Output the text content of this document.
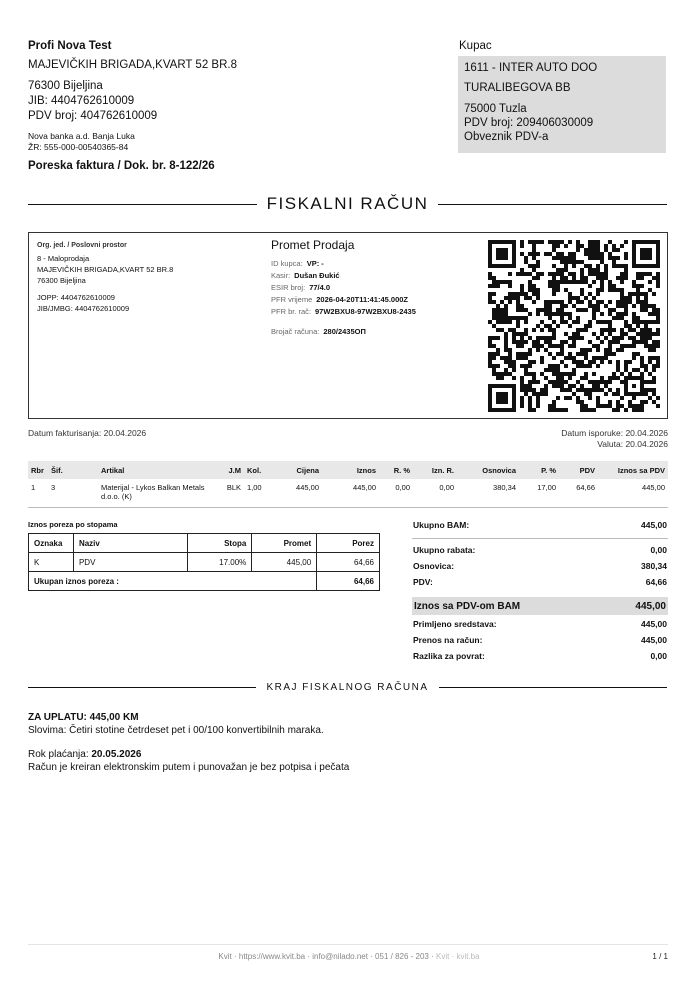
Profi Nova Test
MAJEVIČKIH BRIGADA,KVART 52 BR.8
76300 Bijeljina
JIB: 4404762610009
PDV broj: 404762610009
Nova banka a.d. Banja Luka
ŽR: 555-000-00540365-84
Poreska faktura / Dok. br. 8-122/26
Kupac
1611 - INTER AUTO DOO
TURALIBEGOVA BB
75000 Tuzla
PDV broj: 209406030009
Obveznik PDV-a
FISKALNI RAČUN
Org. jed. / Poslovni prostor
8 - Maloprodaja
MAJEVIČKIH BRIGADA,KVART 52 BR.8
76300 Bijeljina
JOPP: 4404762610009
JIB/JMBG: 4404762610009
Promet Prodaja
ID kupca: VP: -
Kasir: Dušan Đukić
ESIR broj: 77/4.0
PFR vrijeme 2026-04-20T11:41:45.000Z
PFR br. rač: 97W2BXU8-97W2BXU8-2435
Brojač računa: 280/2435ОП
Datum fakturisanja: 20.04.2026	Datum isporuke: 20.04.2026
Valuta: 20.04.2026
Rbr	Šif.	Artikal	J.M	Kol.	Cijena	Iznos	R. %	Izn. R.	Osnovica	P. %	PDV	Iznos sa PDV
1	3	Materijal - Lykos Balkan Metals d.o.o. (K)	BLK	1,00	445,00	445,00	0,00	0,00	380,34	17,00	64,66	445,00
Iznos poreza po stopama
Oznaka	Naziv	Stopa	Promet	Porez
K	PDV	17.00%	445,00	64,66
Ukupan iznos poreza :				64,66
Ukupno BAM:	445,00
Ukupno rabata:	0,00
Osnovica:	380,34
PDV:	64,66
Iznos sa PDV-om BAM	445,00
Primljeno sredstava:	445,00
Prenos na račun:	445,00
Razlika za povrat:	0,00
KRAJ FISKALNOG RAČUNA
ZA UPLATU: 445,00 KM
Slovima: Četiri stotine četrdeset pet i 00/100 konvertibilnih maraka.
Rok plaćanja: 20.05.2026
Račun je kreiran elektronskim putem i punovažan je bez potpisa i pečata
Kvit · https://www.kvit.ba · info@nilado.net · 051 / 826 - 203 · Kvit · kvit.ba	1 / 1
